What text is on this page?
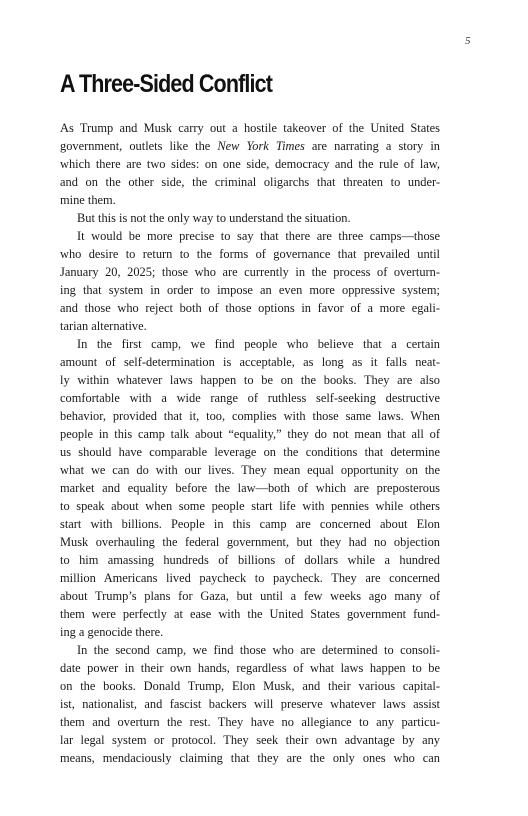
5
A Three-Sided Conflict
As Trump and Musk carry out a hostile takeover of the United States
government, outlets like the New York Times are narrating a story in
which there are two sides: on one side, democracy and the rule of law,
and on the other side, the criminal oligarchs that threaten to under-
mine them.
But this is not the only way to understand the situation.
It would be more precise to say that there are three camps—those
who desire to return to the forms of governance that prevailed until
January 20, 2025; those who are currently in the process of overturn-
ing that system in order to impose an even more oppressive system;
and those who reject both of those options in favor of a more egali-
tarian alternative.
In the first camp, we find people who believe that a certain
amount of self-determination is acceptable, as long as it falls neat-
ly within whatever laws happen to be on the books. They are also
comfortable with a wide range of ruthless self-seeking destructive
behavior, provided that it, too, complies with those same laws. When
people in this camp talk about “equality,” they do not mean that all of
us should have comparable leverage on the conditions that determine
what we can do with our lives. They mean equal opportunity on the
market and equality before the law—both of which are preposterous
to speak about when some people start life with pennies while others
start with billions. People in this camp are concerned about Elon
Musk overhauling the federal government, but they had no objection
to him amassing hundreds of billions of dollars while a hundred
million Americans lived paycheck to paycheck. They are concerned
about Trump’s plans for Gaza, but until a few weeks ago many of
them were perfectly at ease with the United States government fund-
ing a genocide there.
In the second camp, we find those who are determined to consoli-
date power in their own hands, regardless of what laws happen to be
on the books. Donald Trump, Elon Musk, and their various capital-
ist, nationalist, and fascist backers will preserve whatever laws assist
them and overturn the rest. They have no allegiance to any particu-
lar legal system or protocol. They seek their own advantage by any
means, mendaciously claiming that they are the only ones who can
